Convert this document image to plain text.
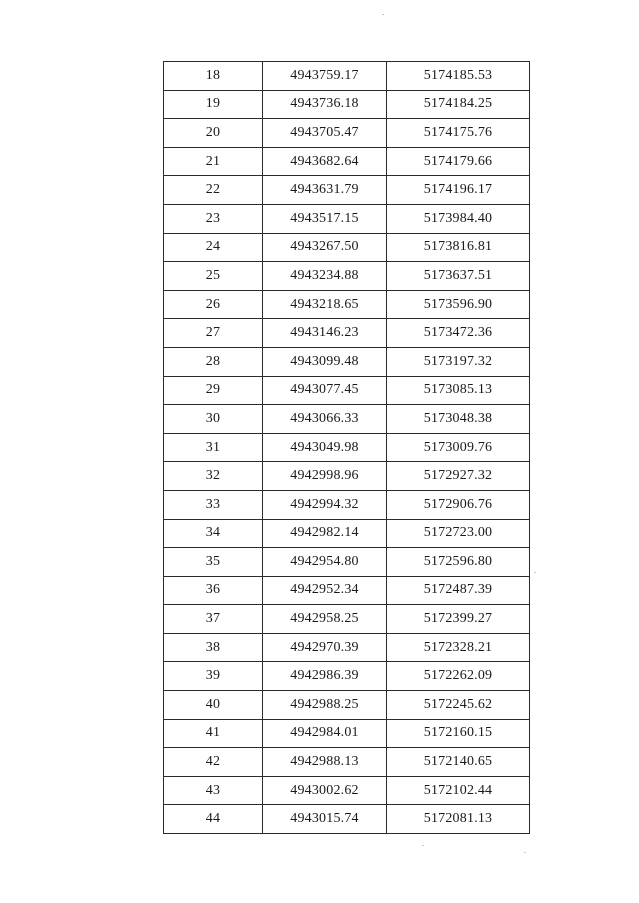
18	4943759.17	5174185.53
19	4943736.18	5174184.25
20	4943705.47	5174175.76
21	4943682.64	5174179.66
22	4943631.79	5174196.17
23	4943517.15	5173984.40
24	4943267.50	5173816.81
25	4943234.88	5173637.51
26	4943218.65	5173596.90
27	4943146.23	5173472.36
28	4943099.48	5173197.32
29	4943077.45	5173085.13
30	4943066.33	5173048.38
31	4943049.98	5173009.76
32	4942998.96	5172927.32
33	4942994.32	5172906.76
34	4942982.14	5172723.00
35	4942954.80	5172596.80
36	4942952.34	5172487.39
37	4942958.25	5172399.27
38	4942970.39	5172328.21
39	4942986.39	5172262.09
40	4942988.25	5172245.62
41	4942984.01	5172160.15
42	4942988.13	5172140.65
43	4943002.62	5172102.44
44	4943015.74	5172081.13
